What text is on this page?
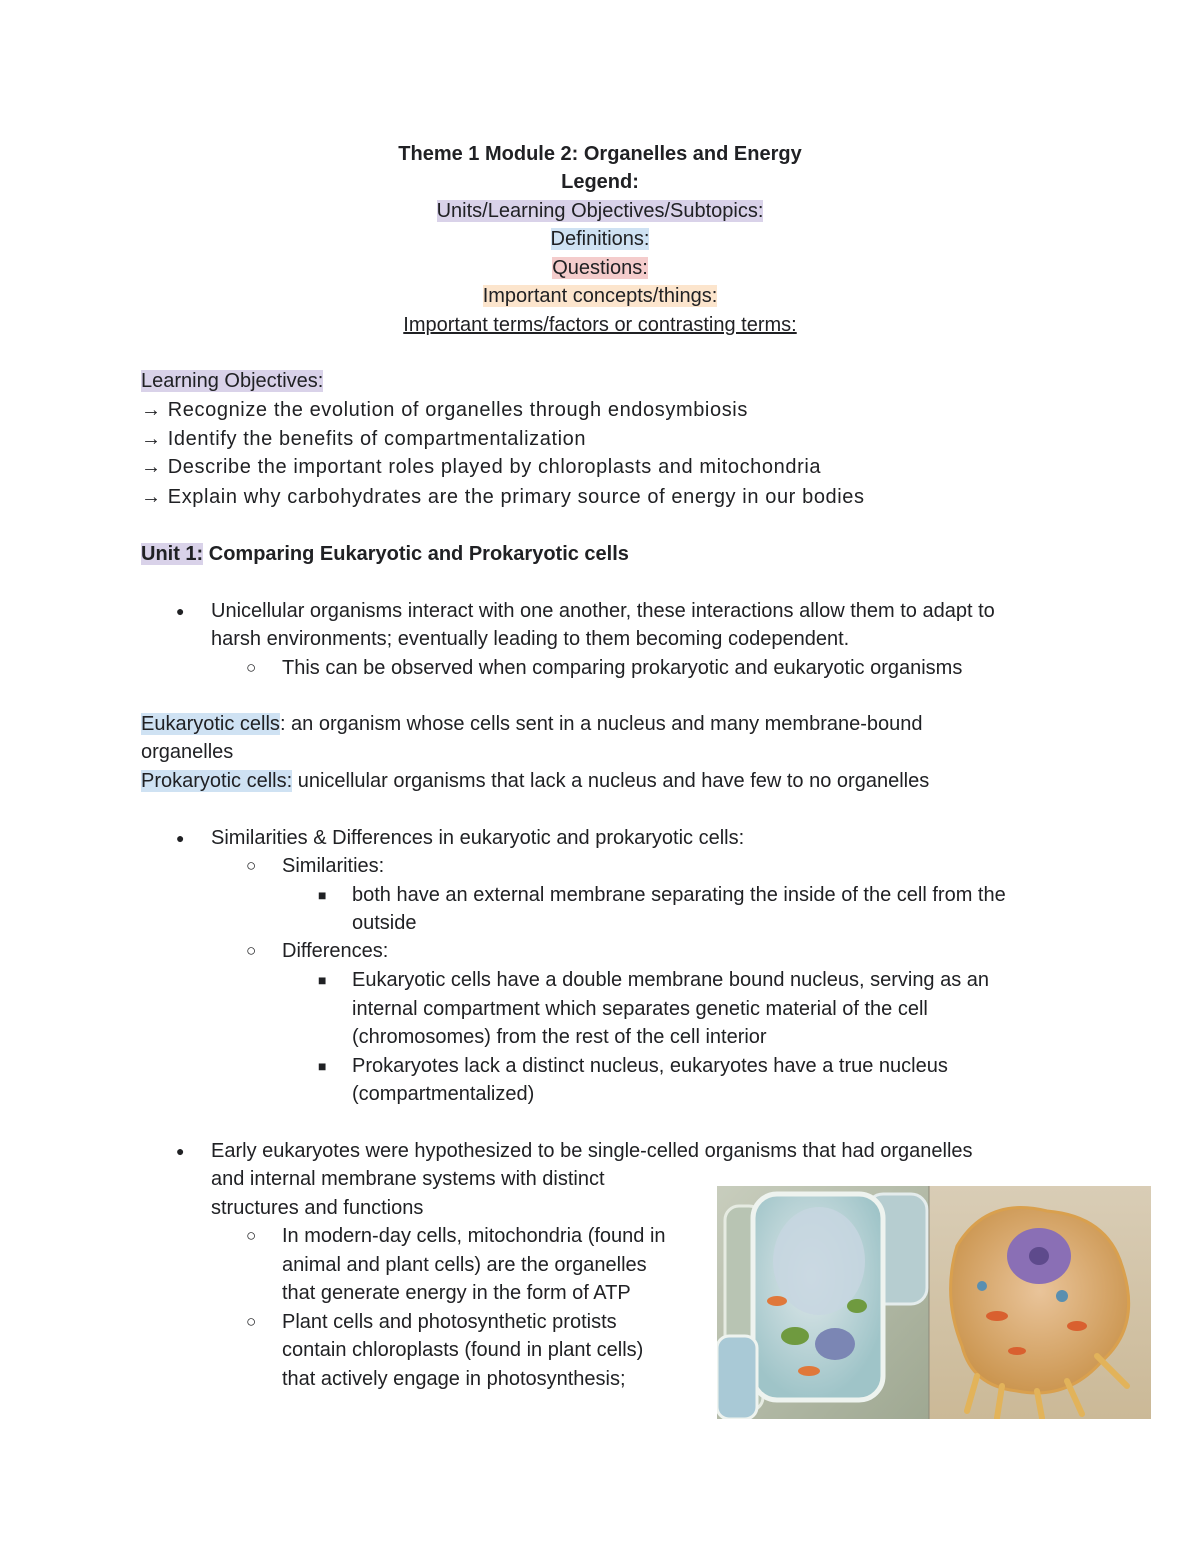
Theme 1 Module 2: Organelles and Energy
Legend:
Units/Learning Objectives/Subtopics:
Definitions:
Questions:
Important concepts/things:
Important terms/factors or contrasting terms:
Learning Objectives:
→ Recognize the evolution of organelles through endosymbiosis
→ Identify the benefits of compartmentalization
→ Describe the important roles played by chloroplasts and mitochondria
→ Explain why carbohydrates are the primary source of energy in our bodies
Unit 1: Comparing Eukaryotic and Prokaryotic cells
● Unicellular organisms interact with one another, these interactions allow them to adapt to
harsh environments; eventually leading to them becoming codependent.
○ This can be observed when comparing prokaryotic and eukaryotic organisms
Eukaryotic cells: an organism whose cells sent in a nucleus and many membrane-bound
organelles
Prokaryotic cells: unicellular organisms that lack a nucleus and have few to no organelles
● Similarities & Differences in eukaryotic and prokaryotic cells:
○ Similarities:
■ both have an external membrane separating the inside of the cell from the
outside
○ Differences:
■ Eukaryotic cells have a double membrane bound nucleus, serving as an
internal compartment which separates genetic material of the cell
(chromosomes) from the rest of the cell interior
■ Prokaryotes lack a distinct nucleus, eukaryotes have a true nucleus
(compartmentalized)
● Early eukaryotes were hypothesized to be single-celled organisms that had organelles
and internal membrane systems with distinct
structures and functions
○ In modern-day cells, mitochondria (found in
animal and plant cells) are the organelles
that generate energy in the form of ATP
○ Plant cells and photosynthetic protists
contain chloroplasts (found in plant cells)
that actively engage in photosynthesis;
